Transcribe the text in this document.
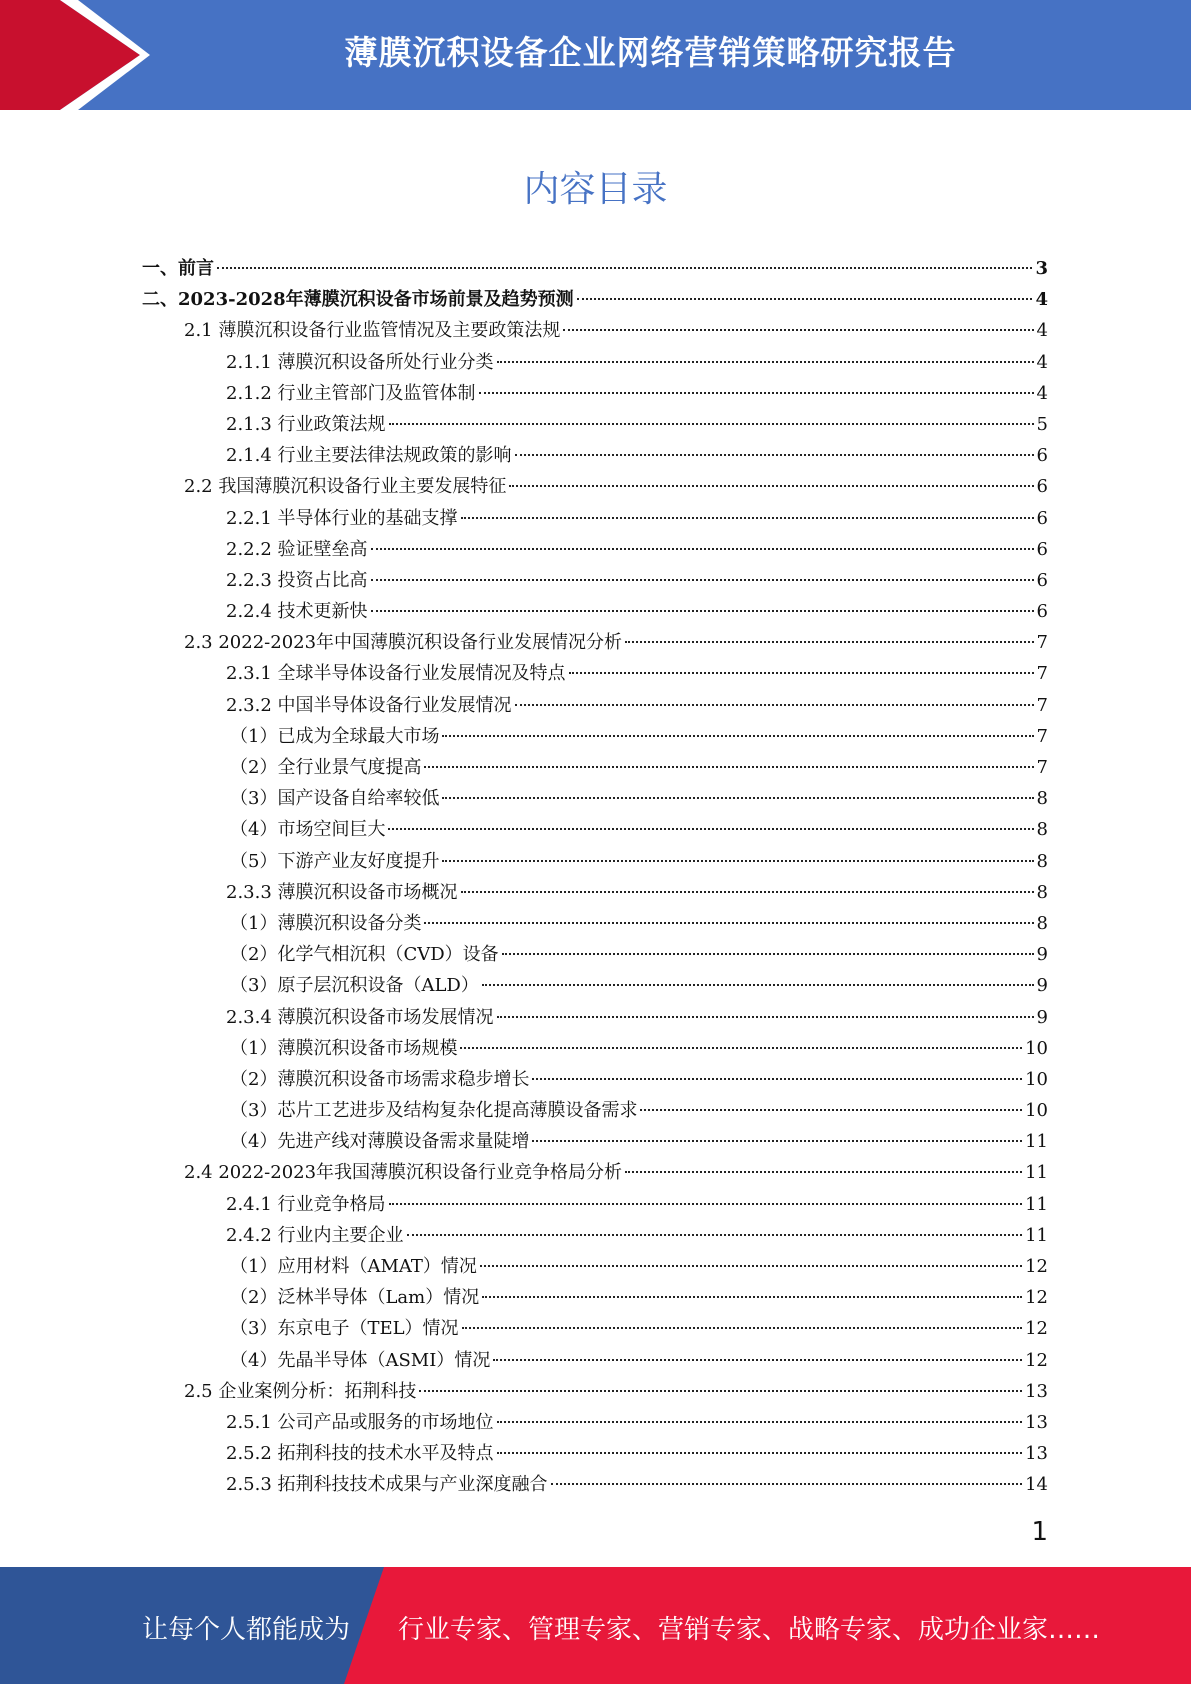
薄膜沉积设备企业网络营销策略研究报告
内容目录
一、前言	3
二、2023-2028年薄膜沉积设备市场前景及趋势预测	4
2.1 薄膜沉积设备行业监管情况及主要政策法规	4
2.1.1 薄膜沉积设备所处行业分类	4
2.1.2 行业主管部门及监管体制	4
2.1.3 行业政策法规	5
2.1.4 行业主要法律法规政策的影响	6
2.2 我国薄膜沉积设备行业主要发展特征	6
2.2.1 半导体行业的基础支撑	6
2.2.2 验证壁垒高	6
2.2.3 投资占比高	6
2.2.4 技术更新快	6
2.3 2022-2023年中国薄膜沉积设备行业发展情况分析	7
2.3.1 全球半导体设备行业发展情况及特点	7
2.3.2 中国半导体设备行业发展情况	7
（1）已成为全球最大市场	7
（2）全行业景气度提高	7
（3）国产设备自给率较低	8
（4）市场空间巨大	8
（5）下游产业友好度提升	8
2.3.3 薄膜沉积设备市场概况	8
（1）薄膜沉积设备分类	8
（2）化学气相沉积（CVD）设备	9
（3）原子层沉积设备（ALD）	9
2.3.4 薄膜沉积设备市场发展情况	9
（1）薄膜沉积设备市场规模	10
（2）薄膜沉积设备市场需求稳步增长	10
（3）芯片工艺进步及结构复杂化提高薄膜设备需求	10
（4）先进产线对薄膜设备需求量陡增	11
2.4 2022-2023年我国薄膜沉积设备行业竞争格局分析	11
2.4.1 行业竞争格局	11
2.4.2 行业内主要企业	11
（1）应用材料（AMAT）情况	12
（2）泛林半导体（Lam）情况	12
（3）东京电子（TEL）情况	12
（4）先晶半导体（ASMI）情况	12
2.5 企业案例分析：拓荆科技	13
2.5.1 公司产品或服务的市场地位	13
2.5.2 拓荆科技的技术水平及特点	13
2.5.3 拓荆科技技术成果与产业深度融合	14
1
让每个人都能成为 行业专家、管理专家、营销专家、战略专家、成功企业家……
